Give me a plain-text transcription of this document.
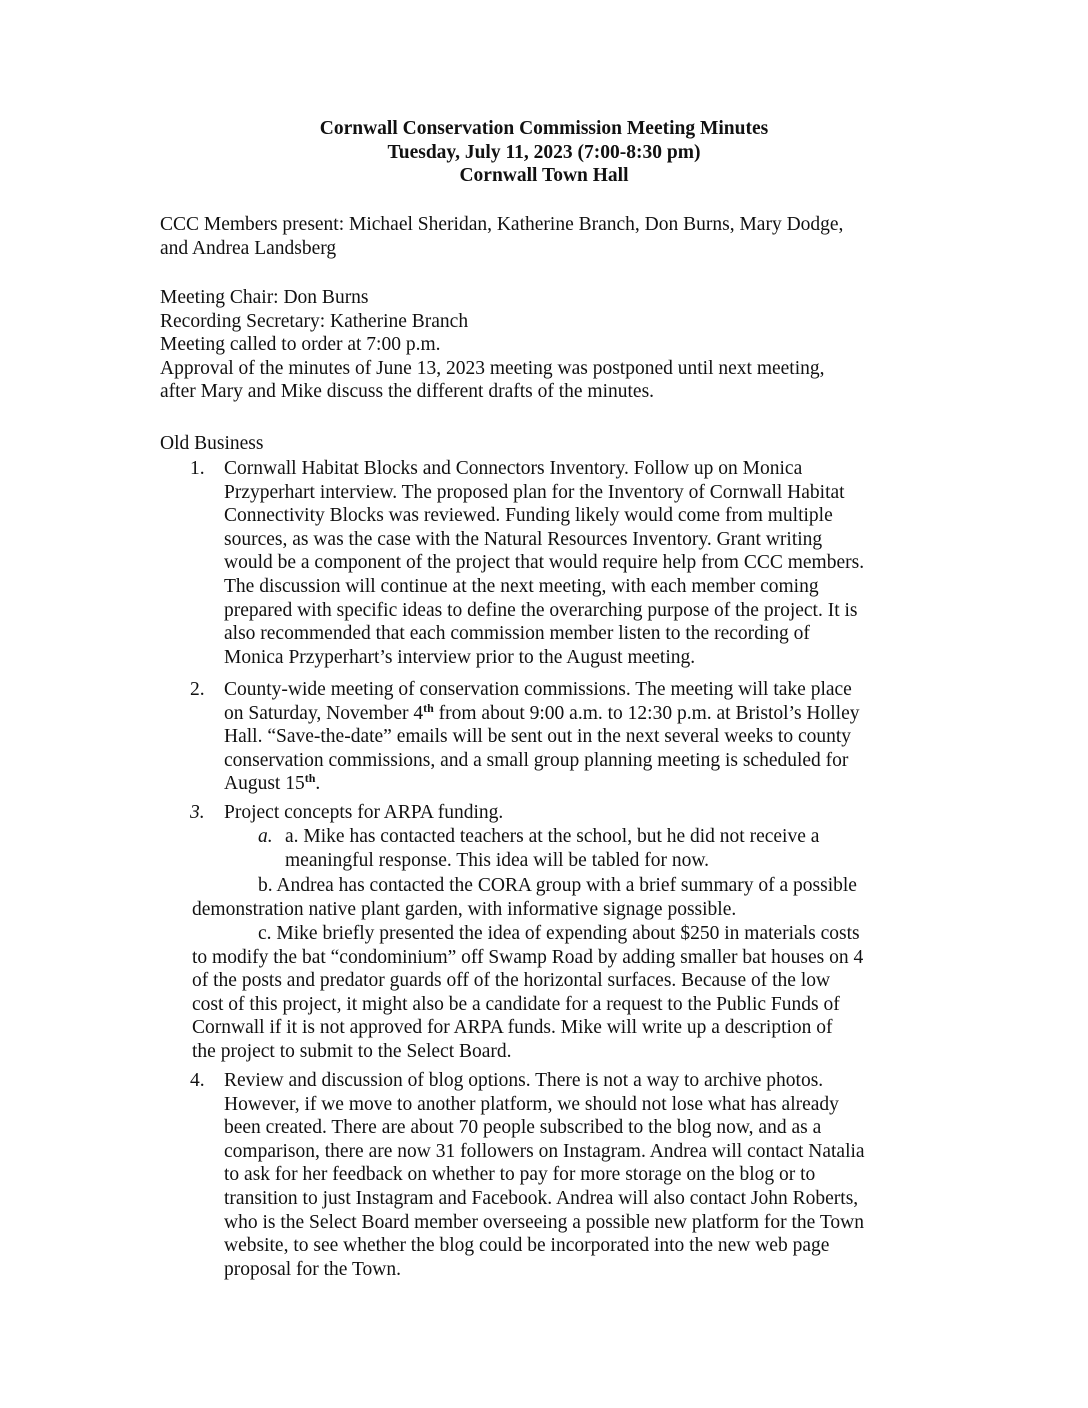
Cornwall Conservation Commission Meeting Minutes
Tuesday, July 11, 2023 (7:00-8:30 pm)
Cornwall Town Hall
CCC Members present: Michael Sheridan, Katherine Branch, Don Burns, Mary Dodge,
and Andrea Landsberg
Meeting Chair: Don Burns
Recording Secretary: Katherine Branch
Meeting called to order at 7:00 p.m.
Approval of the minutes of June 13, 2023 meeting was postponed until next meeting,
after Mary and Mike discuss the different drafts of the minutes.
Old Business
1. Cornwall Habitat Blocks and Connectors Inventory. Follow up on Monica
Przyperhart interview. The proposed plan for the Inventory of Cornwall Habitat
Connectivity Blocks was reviewed. Funding likely would come from multiple
sources, as was the case with the Natural Resources Inventory. Grant writing
would be a component of the project that would require help from CCC members.
The discussion will continue at the next meeting, with each member coming
prepared with specific ideas to define the overarching purpose of the project. It is
also recommended that each commission member listen to the recording of
Monica Przyperhart’s interview prior to the August meeting.
2. County-wide meeting of conservation commissions. The meeting will take place
on Saturday, November 4th from about 9:00 a.m. to 12:30 p.m. at Bristol’s Holley
Hall. “Save-the-date” emails will be sent out in the next several weeks to county
conservation commissions, and a small group planning meeting is scheduled for
August 15th.
3. Project concepts for ARPA funding.
a. a. Mike has contacted teachers at the school, but he did not receive a
meaningful response. This idea will be tabled for now.
b. Andrea has contacted the CORA group with a brief summary of a possible
demonstration native plant garden, with informative signage possible.
c. Mike briefly presented the idea of expending about $250 in materials costs
to modify the bat “condominium” off Swamp Road by adding smaller bat houses on 4
of the posts and predator guards off of the horizontal surfaces. Because of the low
cost of this project, it might also be a candidate for a request to the Public Funds of
Cornwall if it is not approved for ARPA funds. Mike will write up a description of
the project to submit to the Select Board.
4. Review and discussion of blog options. There is not a way to archive photos.
However, if we move to another platform, we should not lose what has already
been created. There are about 70 people subscribed to the blog now, and as a
comparison, there are now 31 followers on Instagram. Andrea will contact Natalia
to ask for her feedback on whether to pay for more storage on the blog or to
transition to just Instagram and Facebook. Andrea will also contact John Roberts,
who is the Select Board member overseeing a possible new platform for the Town
website, to see whether the blog could be incorporated into the new web page
proposal for the Town.
